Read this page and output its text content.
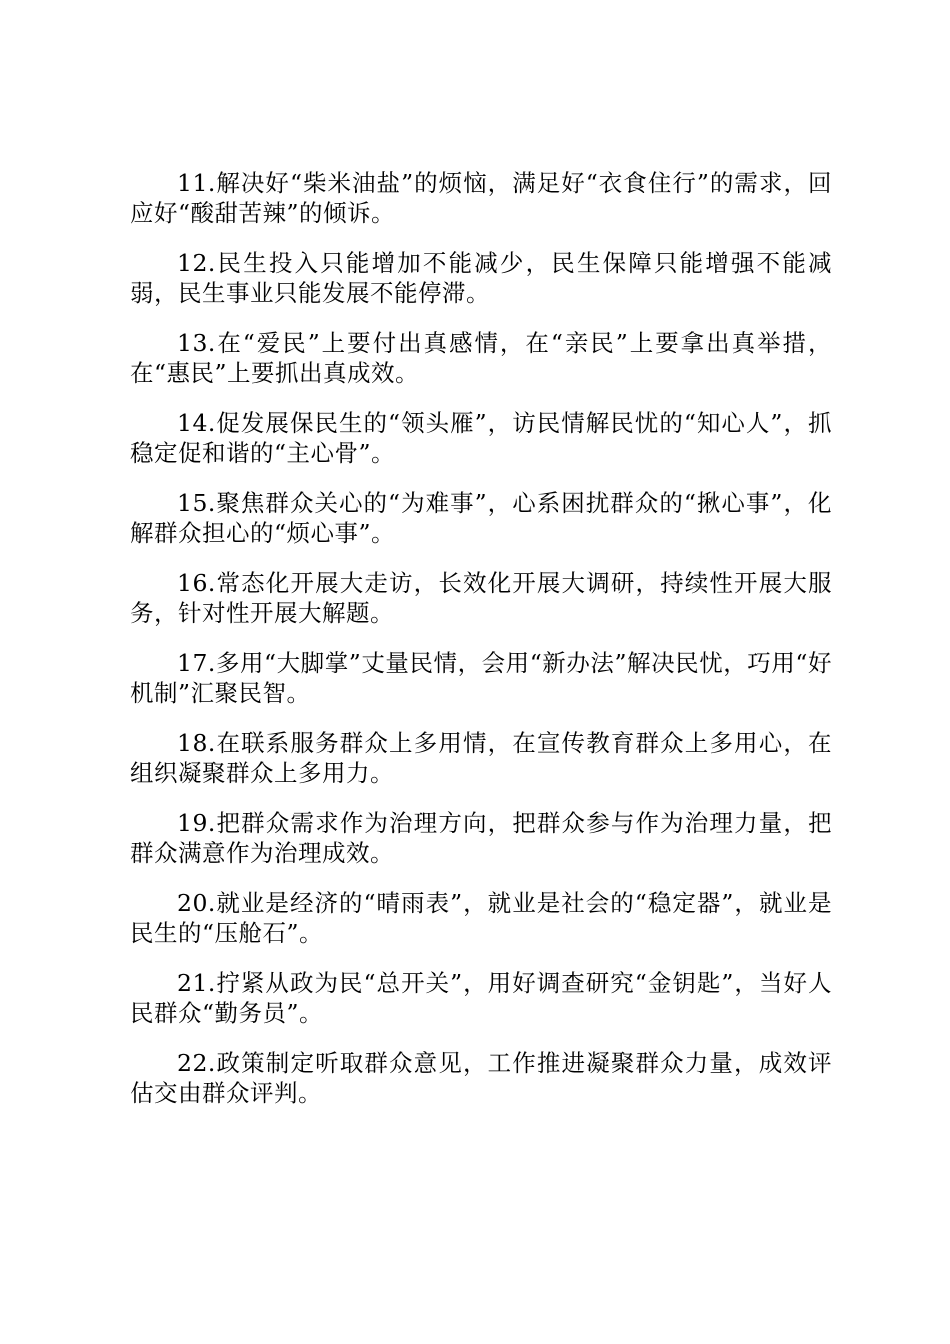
11.解决好“柴米油盐”的烦恼，满足好“衣食住行”的需求，回应好“酸甜苦辣”的倾诉。

12.民生投入只能增加不能减少，民生保障只能增强不能减弱，民生事业只能发展不能停滞。

13.在“爱民”上要付出真感情，在“亲民”上要拿出真举措，在“惠民”上要抓出真成效。

14.促发展保民生的“领头雁”，访民情解民忧的“知心人”，抓稳定促和谐的“主心骨”。

15.聚焦群众关心的“为难事”，心系困扰群众的“揪心事”，化解群众担心的“烦心事”。

16.常态化开展大走访，长效化开展大调研，持续性开展大服务，针对性开展大解题。

17.多用“大脚掌”丈量民情，会用“新办法”解决民忧，巧用“好机制”汇聚民智。

18.在联系服务群众上多用情，在宣传教育群众上多用心，在组织凝聚群众上多用力。

19.把群众需求作为治理方向，把群众参与作为治理力量，把群众满意作为治理成效。

20.就业是经济的“晴雨表”，就业是社会的“稳定器”，就业是民生的“压舱石”。

21.拧紧从政为民“总开关”，用好调查研究“金钥匙”，当好人民群众“勤务员”。

22.政策制定听取群众意见，工作推进凝聚群众力量，成效评估交由群众评判。
